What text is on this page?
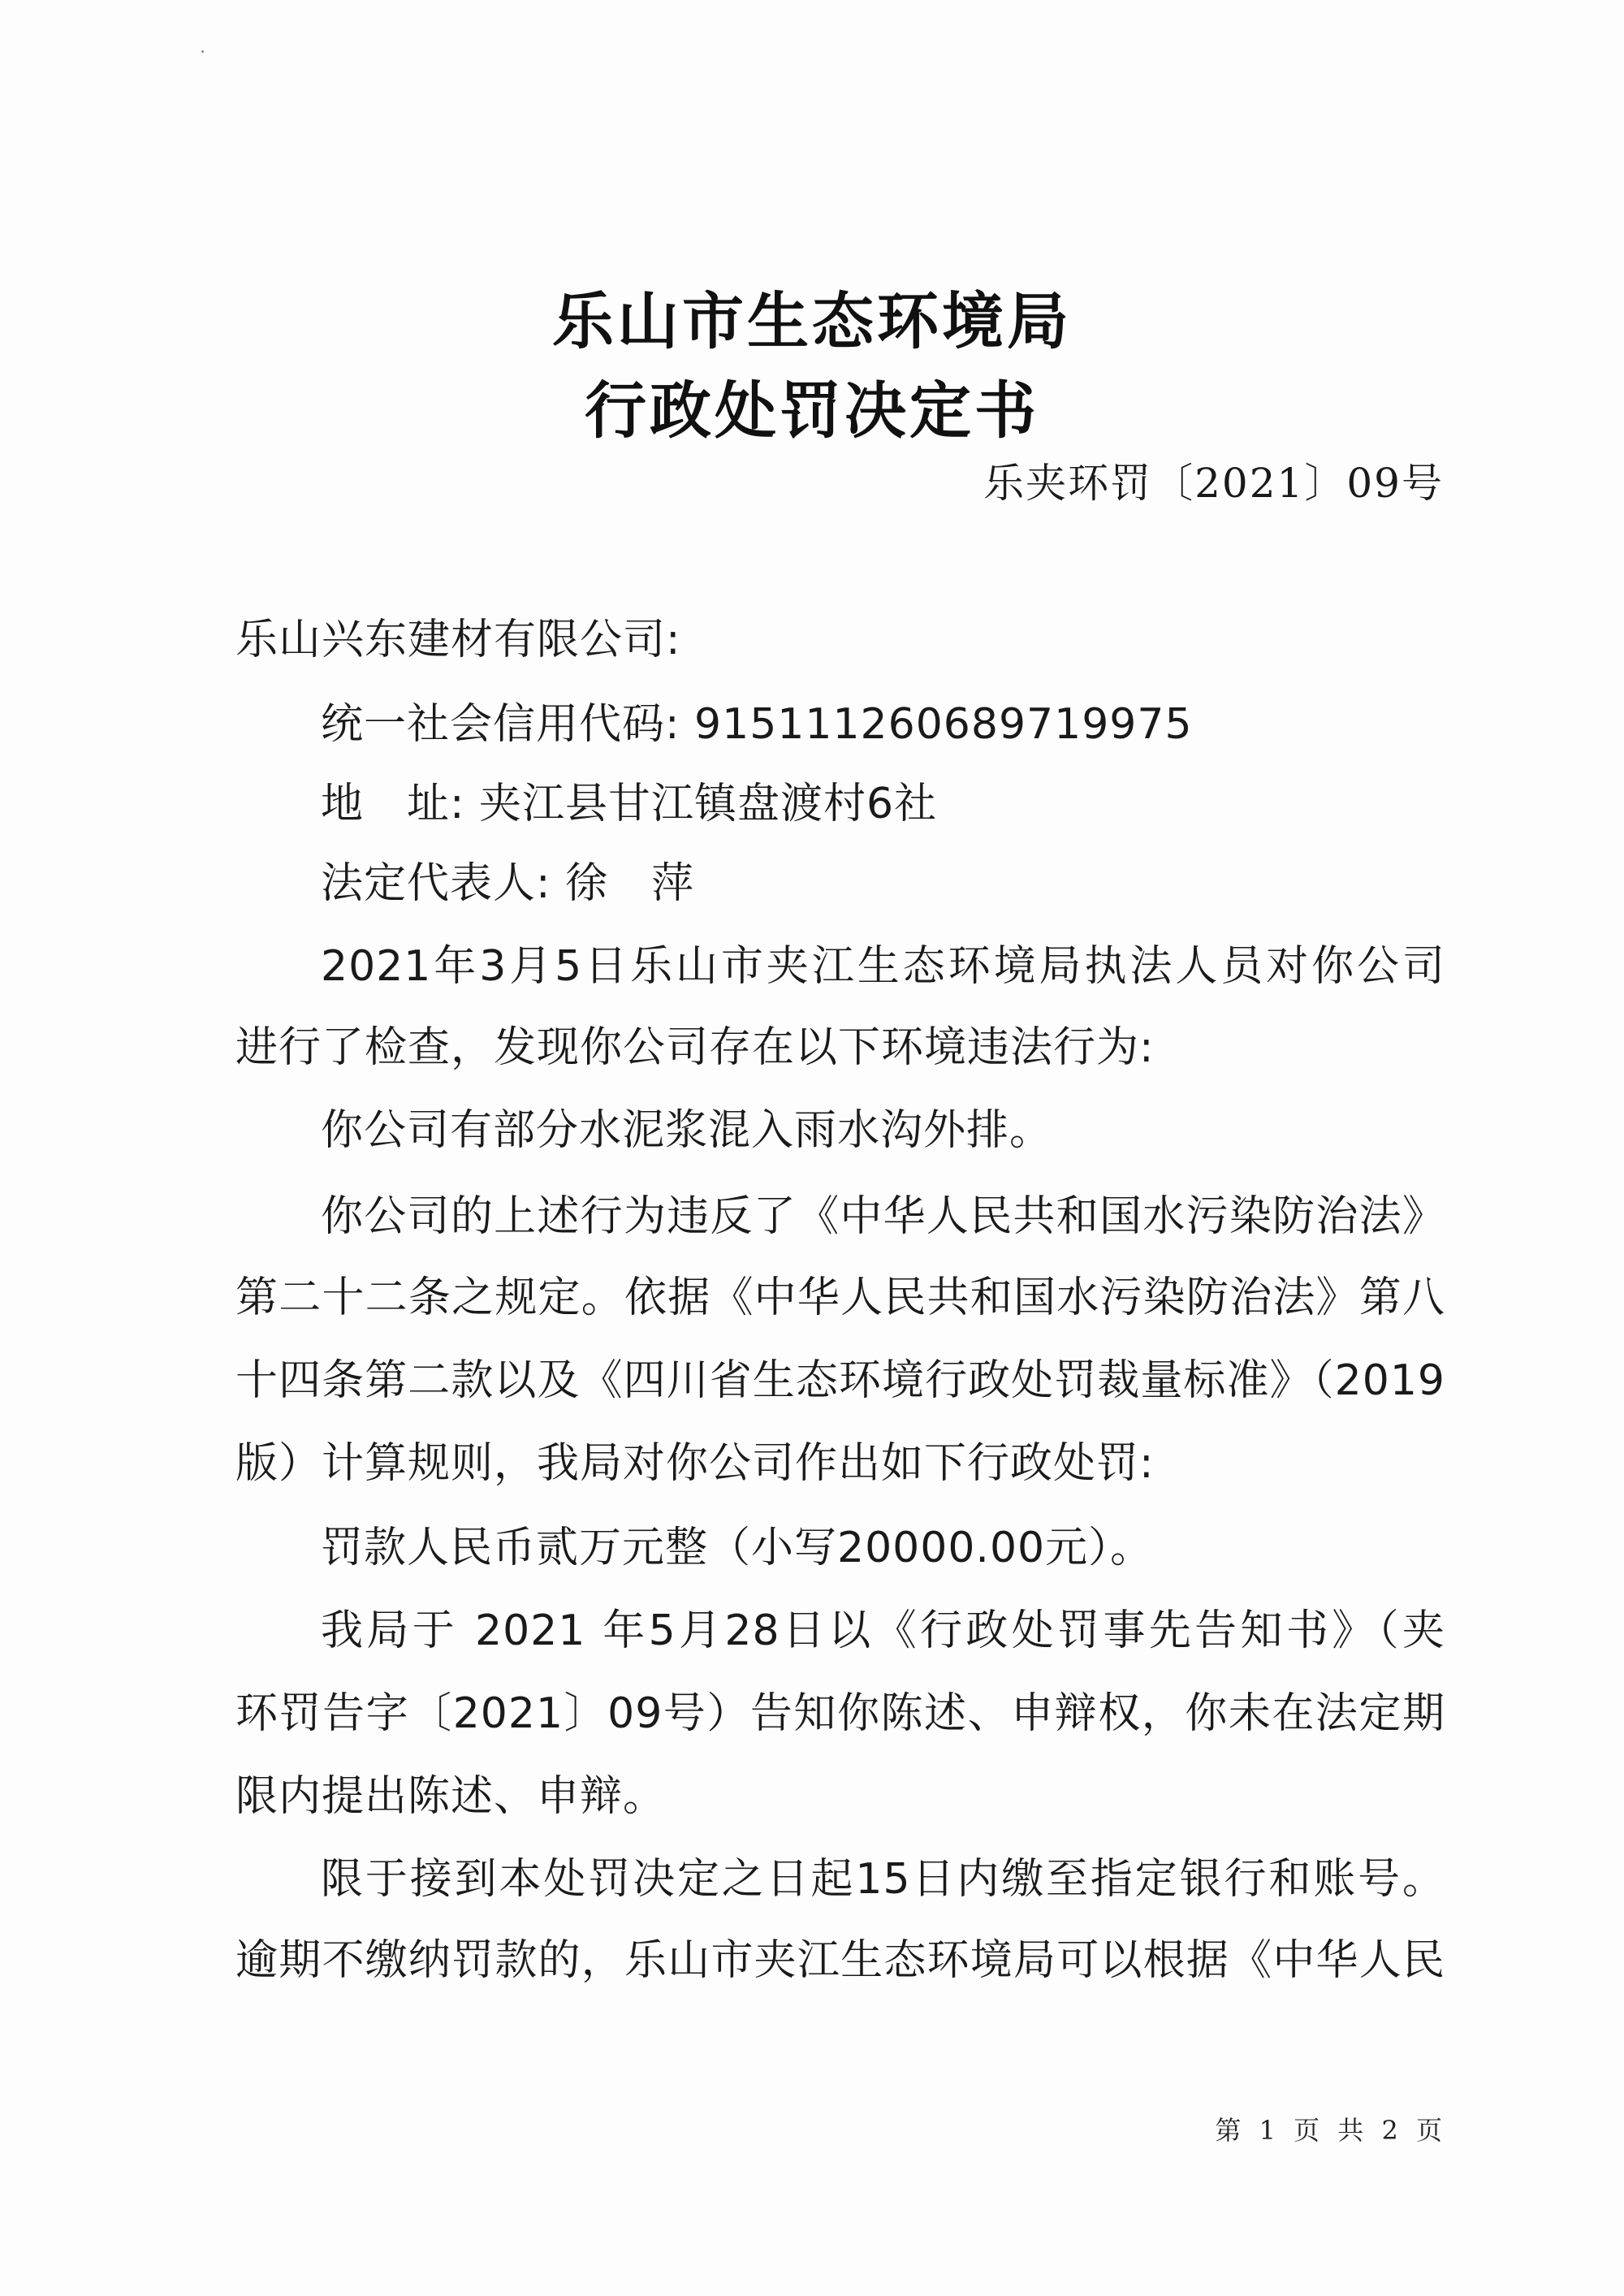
乐山市生态环境局
行政处罚决定书
乐夹环罚〔2021〕09号
乐山兴东建材有限公司:
统一社会信用代码: 915111260689719975
地　址: 夹江县甘江镇盘渡村6社
法定代表人: 徐　萍
2021年3月5日乐山市夹江生态环境局执法人员对你公司
进行了检查，发现你公司存在以下环境违法行为:
你公司有部分水泥浆混入雨水沟外排。
你公司的上述行为违反了《中华人民共和国水污染防治法》
第二十二条之规定。依据《中华人民共和国水污染防治法》第八
十四条第二款以及《四川省生态环境行政处罚裁量标准》（2019
版）计算规则，我局对你公司作出如下行政处罚:
罚款人民币贰万元整（小写20000.00元）。
我局于 2021 年5月28日以《行政处罚事先告知书》（夹
环罚告字〔2021〕09号）告知你陈述、申辩权，你未在法定期
限内提出陈述、申辩。
限于接到本处罚决定之日起15日内缴至指定银行和账号。
逾期不缴纳罚款的，乐山市夹江生态环境局可以根据《中华人民
第 1 页 共 2 页
